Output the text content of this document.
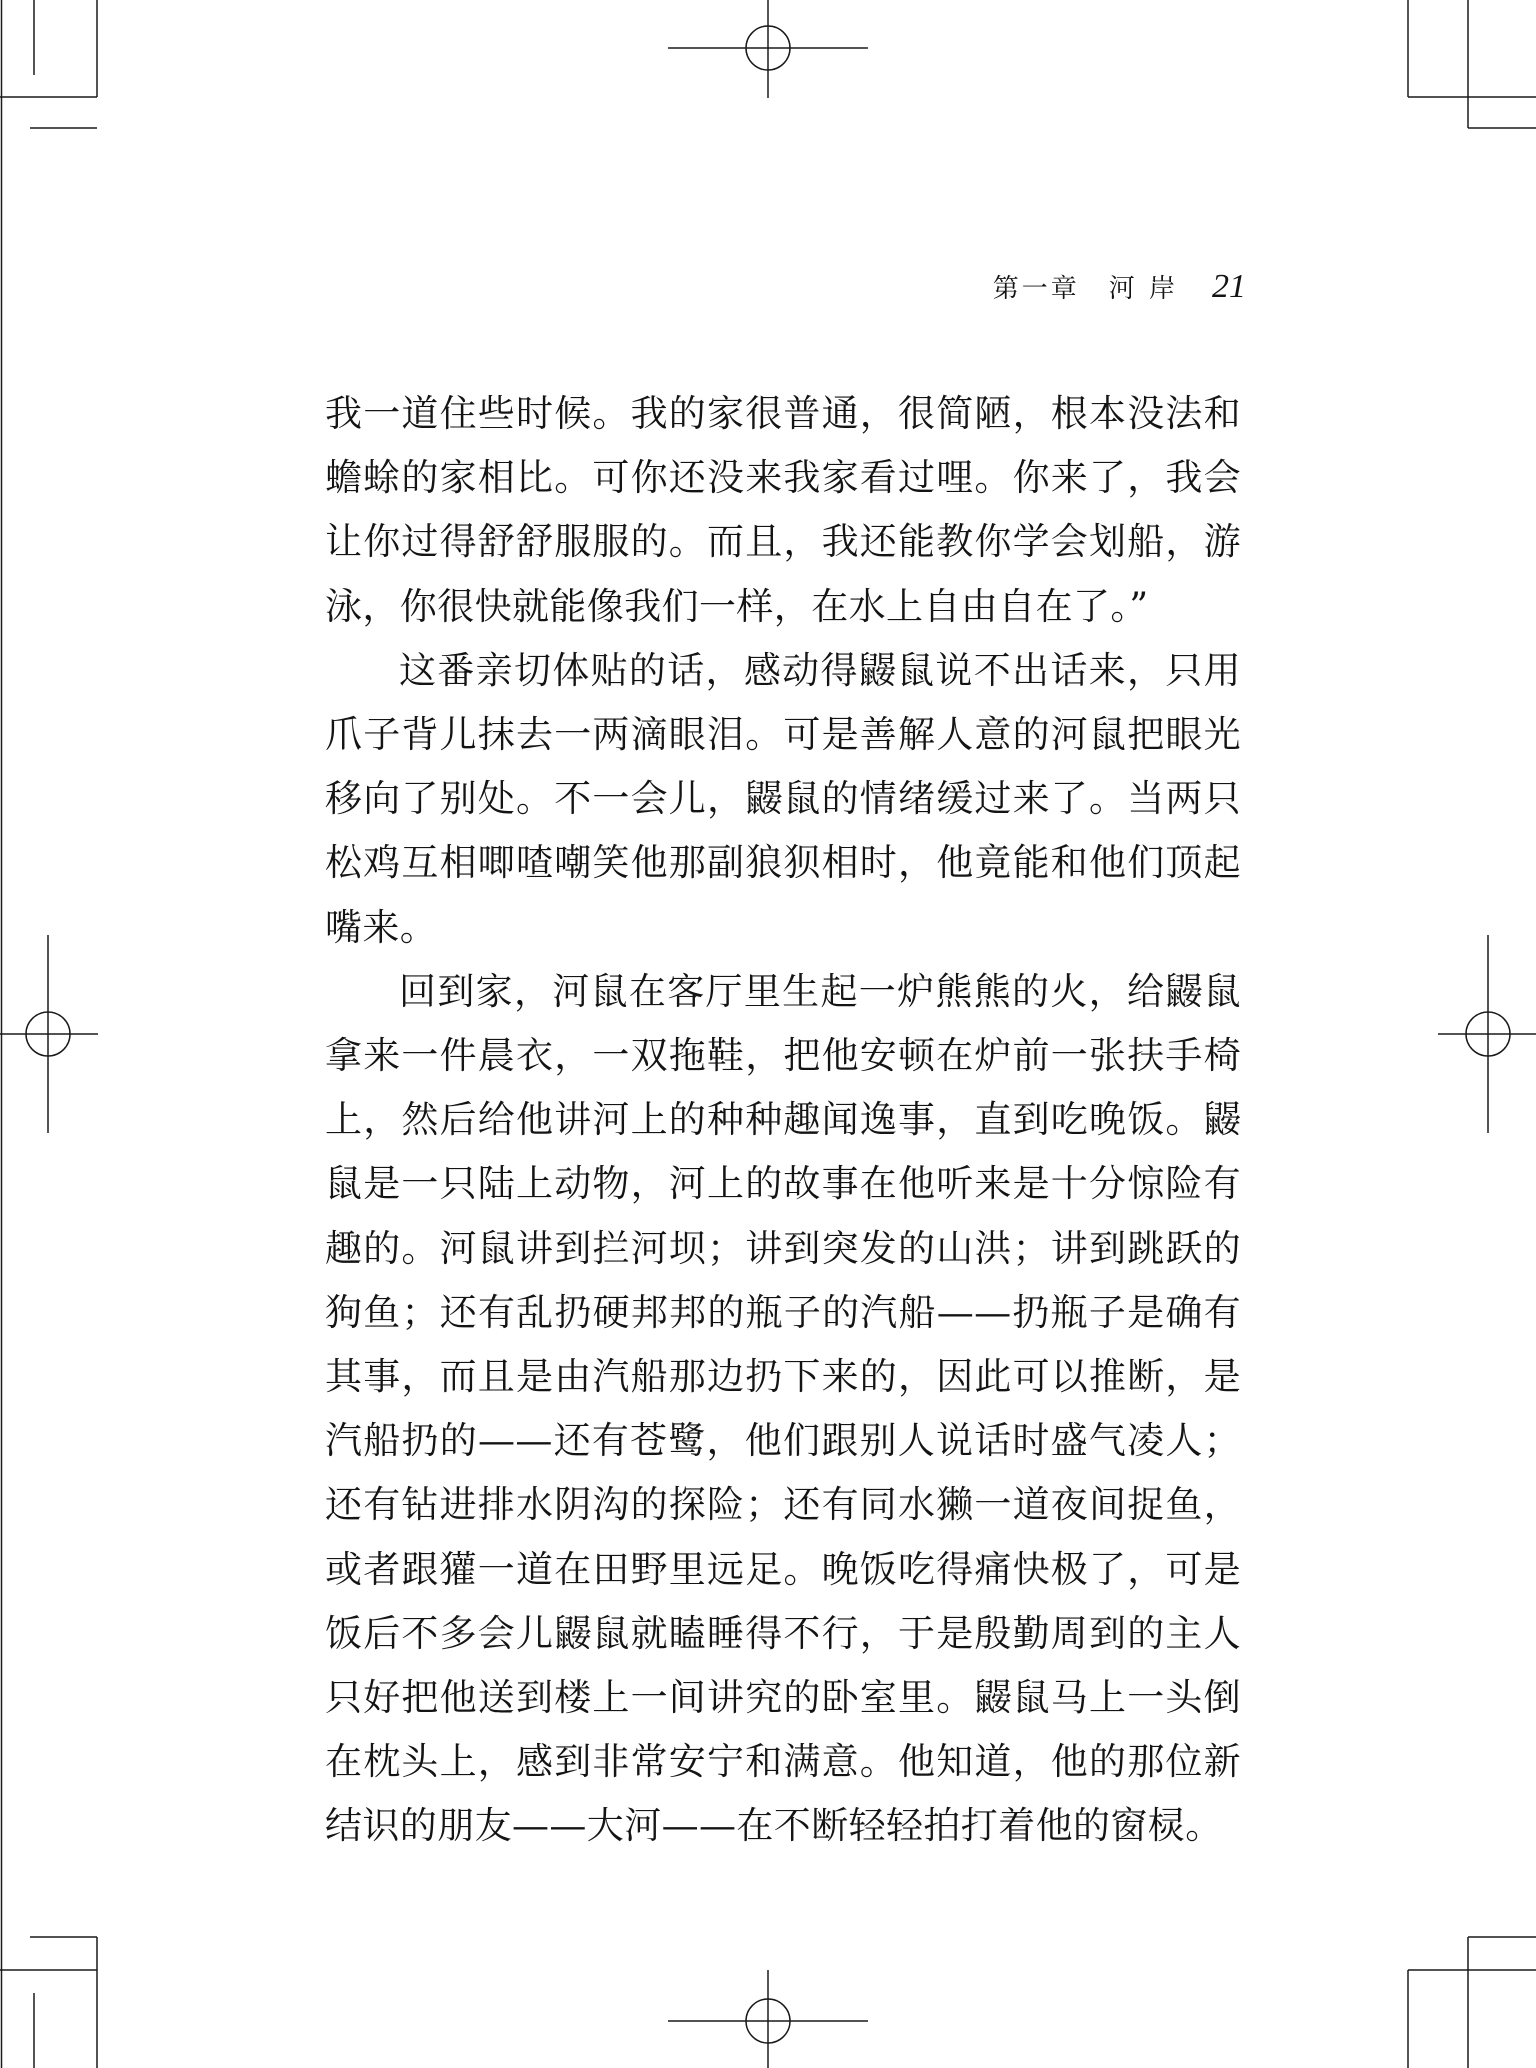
第一章　河 岸 21

我一道住些时候。我的家很普通，很简陋，根本没法和蟾蜍的家相比。可你还没来我家看过哩。你来了，我会让你过得舒舒服服的。而且，我还能教你学会划船，游泳，你很快就能像我们一样，在水上自由自在了。”

这番亲切体贴的话，感动得鼹鼠说不出话来，只用爪子背儿抹去一两滴眼泪。可是善解人意的河鼠把眼光移向了别处。不一会儿，鼹鼠的情绪缓过来了。当两只松鸡互相唧喳嘲笑他那副狼狈相时，他竟能和他们顶起嘴来。

回到家，河鼠在客厅里生起一炉熊熊的火，给鼹鼠拿来一件晨衣，一双拖鞋，把他安顿在炉前一张扶手椅上，然后给他讲河上的种种趣闻逸事，直到吃晚饭。鼹鼠是一只陆上动物，河上的故事在他听来是十分惊险有趣的。河鼠讲到拦河坝；讲到突发的山洪；讲到跳跃的狗鱼；还有乱扔硬邦邦的瓶子的汽船——扔瓶子是确有其事，而且是由汽船那边扔下来的，因此可以推断，是汽船扔的——还有苍鹭，他们跟别人说话时盛气凌人；还有钻进排水阴沟的探险；还有同水獭一道夜间捉鱼，或者跟獾一道在田野里远足。晚饭吃得痛快极了，可是饭后不多会儿鼹鼠就瞌睡得不行，于是殷勤周到的主人只好把他送到楼上一间讲究的卧室里。鼹鼠马上一头倒在枕头上，感到非常安宁和满意。他知道，他的那位新结识的朋友——大河——在不断轻轻拍打着他的窗棂。
